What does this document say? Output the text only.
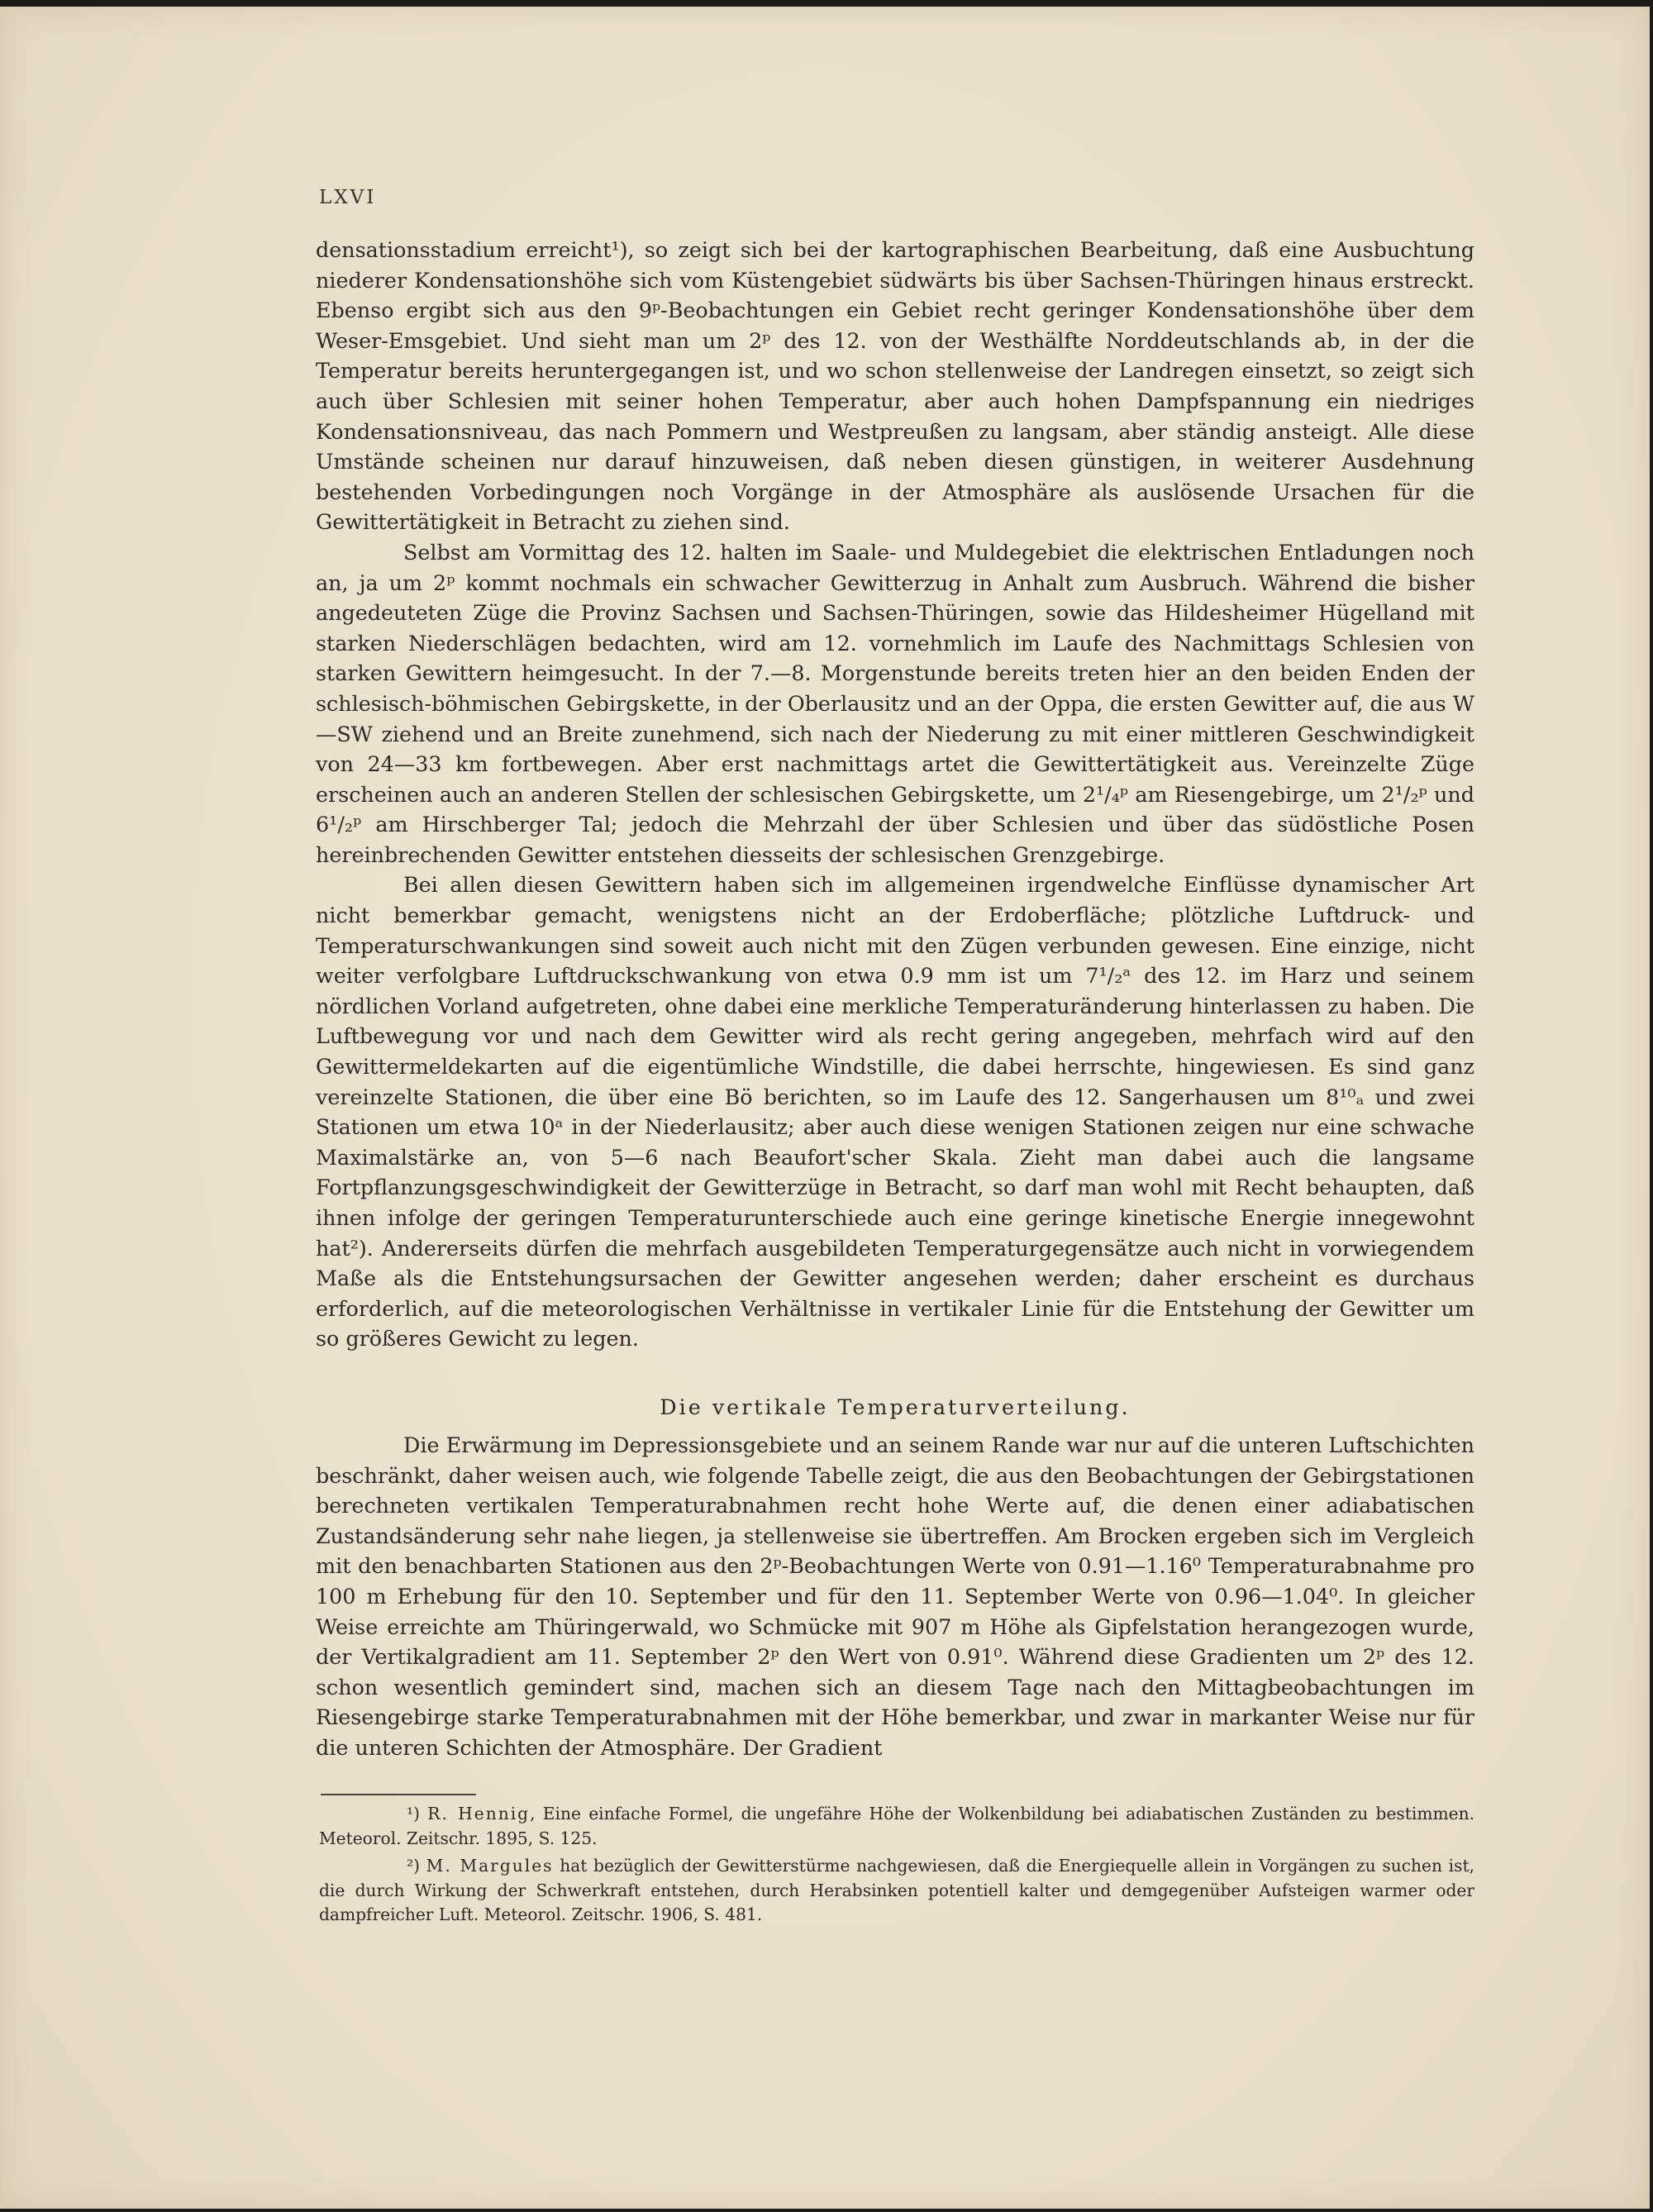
LXVI

densationsstadium erreicht¹), so zeigt sich bei der kartographischen Bearbeitung, daß eine Ausbuchtung niederer Kondensationshöhe sich vom Küstengebiet südwärts bis über Sachsen-Thüringen hinaus erstreckt. Ebenso ergibt sich aus den 9ᵖ-Beobachtungen ein Gebiet recht geringer Kondensationshöhe über dem Weser-Emsgebiet. Und sieht man um 2ᵖ des 12. von der Westhälfte Norddeutschlands ab, in der die Temperatur bereits heruntergegangen ist, und wo schon stellenweise der Landregen einsetzt, so zeigt sich auch über Schlesien mit seiner hohen Temperatur, aber auch hohen Dampfspannung ein niedriges Kondensationsniveau, das nach Pommern und Westpreußen zu langsam, aber ständig ansteigt. Alle diese Umstände scheinen nur darauf hinzuweisen, daß neben diesen günstigen, in weiterer Ausdehnung bestehenden Vorbedingungen noch Vorgänge in der Atmosphäre als auslösende Ursachen für die Gewittertätigkeit in Betracht zu ziehen sind.

Selbst am Vormittag des 12. halten im Saale- und Muldegebiet die elektrischen Entladungen noch an, ja um 2ᵖ kommt nochmals ein schwacher Gewitterzug in Anhalt zum Ausbruch. Während die bisher angedeuteten Züge die Provinz Sachsen und Sachsen-Thüringen, sowie das Hildesheimer Hügelland mit starken Niederschlägen bedachten, wird am 12. vornehmlich im Laufe des Nachmittags Schlesien von starken Gewittern heimgesucht. In der 7.—8. Morgenstunde bereits treten hier an den beiden Enden der schlesisch-böhmischen Gebirgskette, in der Oberlausitz und an der Oppa, die ersten Gewitter auf, die aus W—SW ziehend und an Breite zunehmend, sich nach der Niederung zu mit einer mittleren Geschwindigkeit von 24—33 km fortbewegen. Aber erst nachmittags artet die Gewittertätigkeit aus. Vereinzelte Züge erscheinen auch an anderen Stellen der schlesischen Gebirgskette, um 2¹/₄ᵖ am Riesengebirge, um 2¹/₂ᵖ und 6¹/₂ᵖ am Hirschberger Tal; jedoch die Mehrzahl der über Schlesien und über das südöstliche Posen hereinbrechenden Gewitter entstehen diesseits der schlesischen Grenzgebirge.

Bei allen diesen Gewittern haben sich im allgemeinen irgendwelche Einflüsse dynamischer Art nicht bemerkbar gemacht, wenigstens nicht an der Erdoberfläche; plötzliche Luftdruck- und Temperaturschwankungen sind soweit auch nicht mit den Zügen verbunden gewesen. Eine einzige, nicht weiter verfolgbare Luftdruckschwankung von etwa 0.9 mm ist um 7¹/₂ᵃ des 12. im Harz und seinem nördlichen Vorland aufgetreten, ohne dabei eine merkliche Temperaturänderung hinterlassen zu haben. Die Luftbewegung vor und nach dem Gewitter wird als recht gering angegeben, mehrfach wird auf den Gewittermeldekarten auf die eigentümliche Windstille, die dabei herrschte, hingewiesen. Es sind ganz vereinzelte Stationen, die über eine Bö berichten, so im Laufe des 12. Sangerhausen um 8¹⁰ₐ und zwei Stationen um etwa 10ᵃ in der Niederlausitz; aber auch diese wenigen Stationen zeigen nur eine schwache Maximalstärke an, von 5—6 nach Beaufort'scher Skala. Zieht man dabei auch die langsame Fortpflanzungsgeschwindigkeit der Gewitterzüge in Betracht, so darf man wohl mit Recht behaupten, daß ihnen infolge der geringen Temperaturunterschiede auch eine geringe kinetische Energie innegewohnt hat²). Andererseits dürfen die mehrfach ausgebildeten Temperaturgegensätze auch nicht in vorwiegendem Maße als die Entstehungsursachen der Gewitter angesehen werden; daher erscheint es durchaus erforderlich, auf die meteorologischen Verhältnisse in vertikaler Linie für die Entstehung der Gewitter um so größeres Gewicht zu legen.

Die vertikale Temperaturverteilung.

Die Erwärmung im Depressionsgebiete und an seinem Rande war nur auf die unteren Luftschichten beschränkt, daher weisen auch, wie folgende Tabelle zeigt, die aus den Beobachtungen der Gebirgstationen berechneten vertikalen Temperaturabnahmen recht hohe Werte auf, die denen einer adiabatischen Zustandsänderung sehr nahe liegen, ja stellenweise sie übertreffen. Am Brocken ergeben sich im Vergleich mit den benachbarten Stationen aus den 2ᵖ-Beobachtungen Werte von 0.91—1.16⁰ Temperaturabnahme pro 100 m Erhebung für den 10. September und für den 11. September Werte von 0.96—1.04⁰. In gleicher Weise erreichte am Thüringerwald, wo Schmücke mit 907 m Höhe als Gipfelstation herangezogen wurde, der Vertikalgradient am 11. September 2ᵖ den Wert von 0.91⁰. Während diese Gradienten um 2ᵖ des 12. schon wesentlich gemindert sind, machen sich an diesem Tage nach den Mittagbeobachtungen im Riesengebirge starke Temperaturabnahmen mit der Höhe bemerkbar, und zwar in markanter Weise nur für die unteren Schichten der Atmosphäre. Der Gradient

¹) R. Hennig, Eine einfache Formel, die ungefähre Höhe der Wolkenbildung bei adiabatischen Zuständen zu bestimmen. Meteorol. Zeitschr. 1895, S. 125.

²) M. Margules hat bezüglich der Gewitterstürme nachgewiesen, daß die Energiequelle allein in Vorgängen zu suchen ist, die durch Wirkung der Schwerkraft entstehen, durch Herabsinken potentiell kalter und demgegenüber Aufsteigen warmer oder dampfreicher Luft. Meteorol. Zeitschr. 1906, S. 481.
